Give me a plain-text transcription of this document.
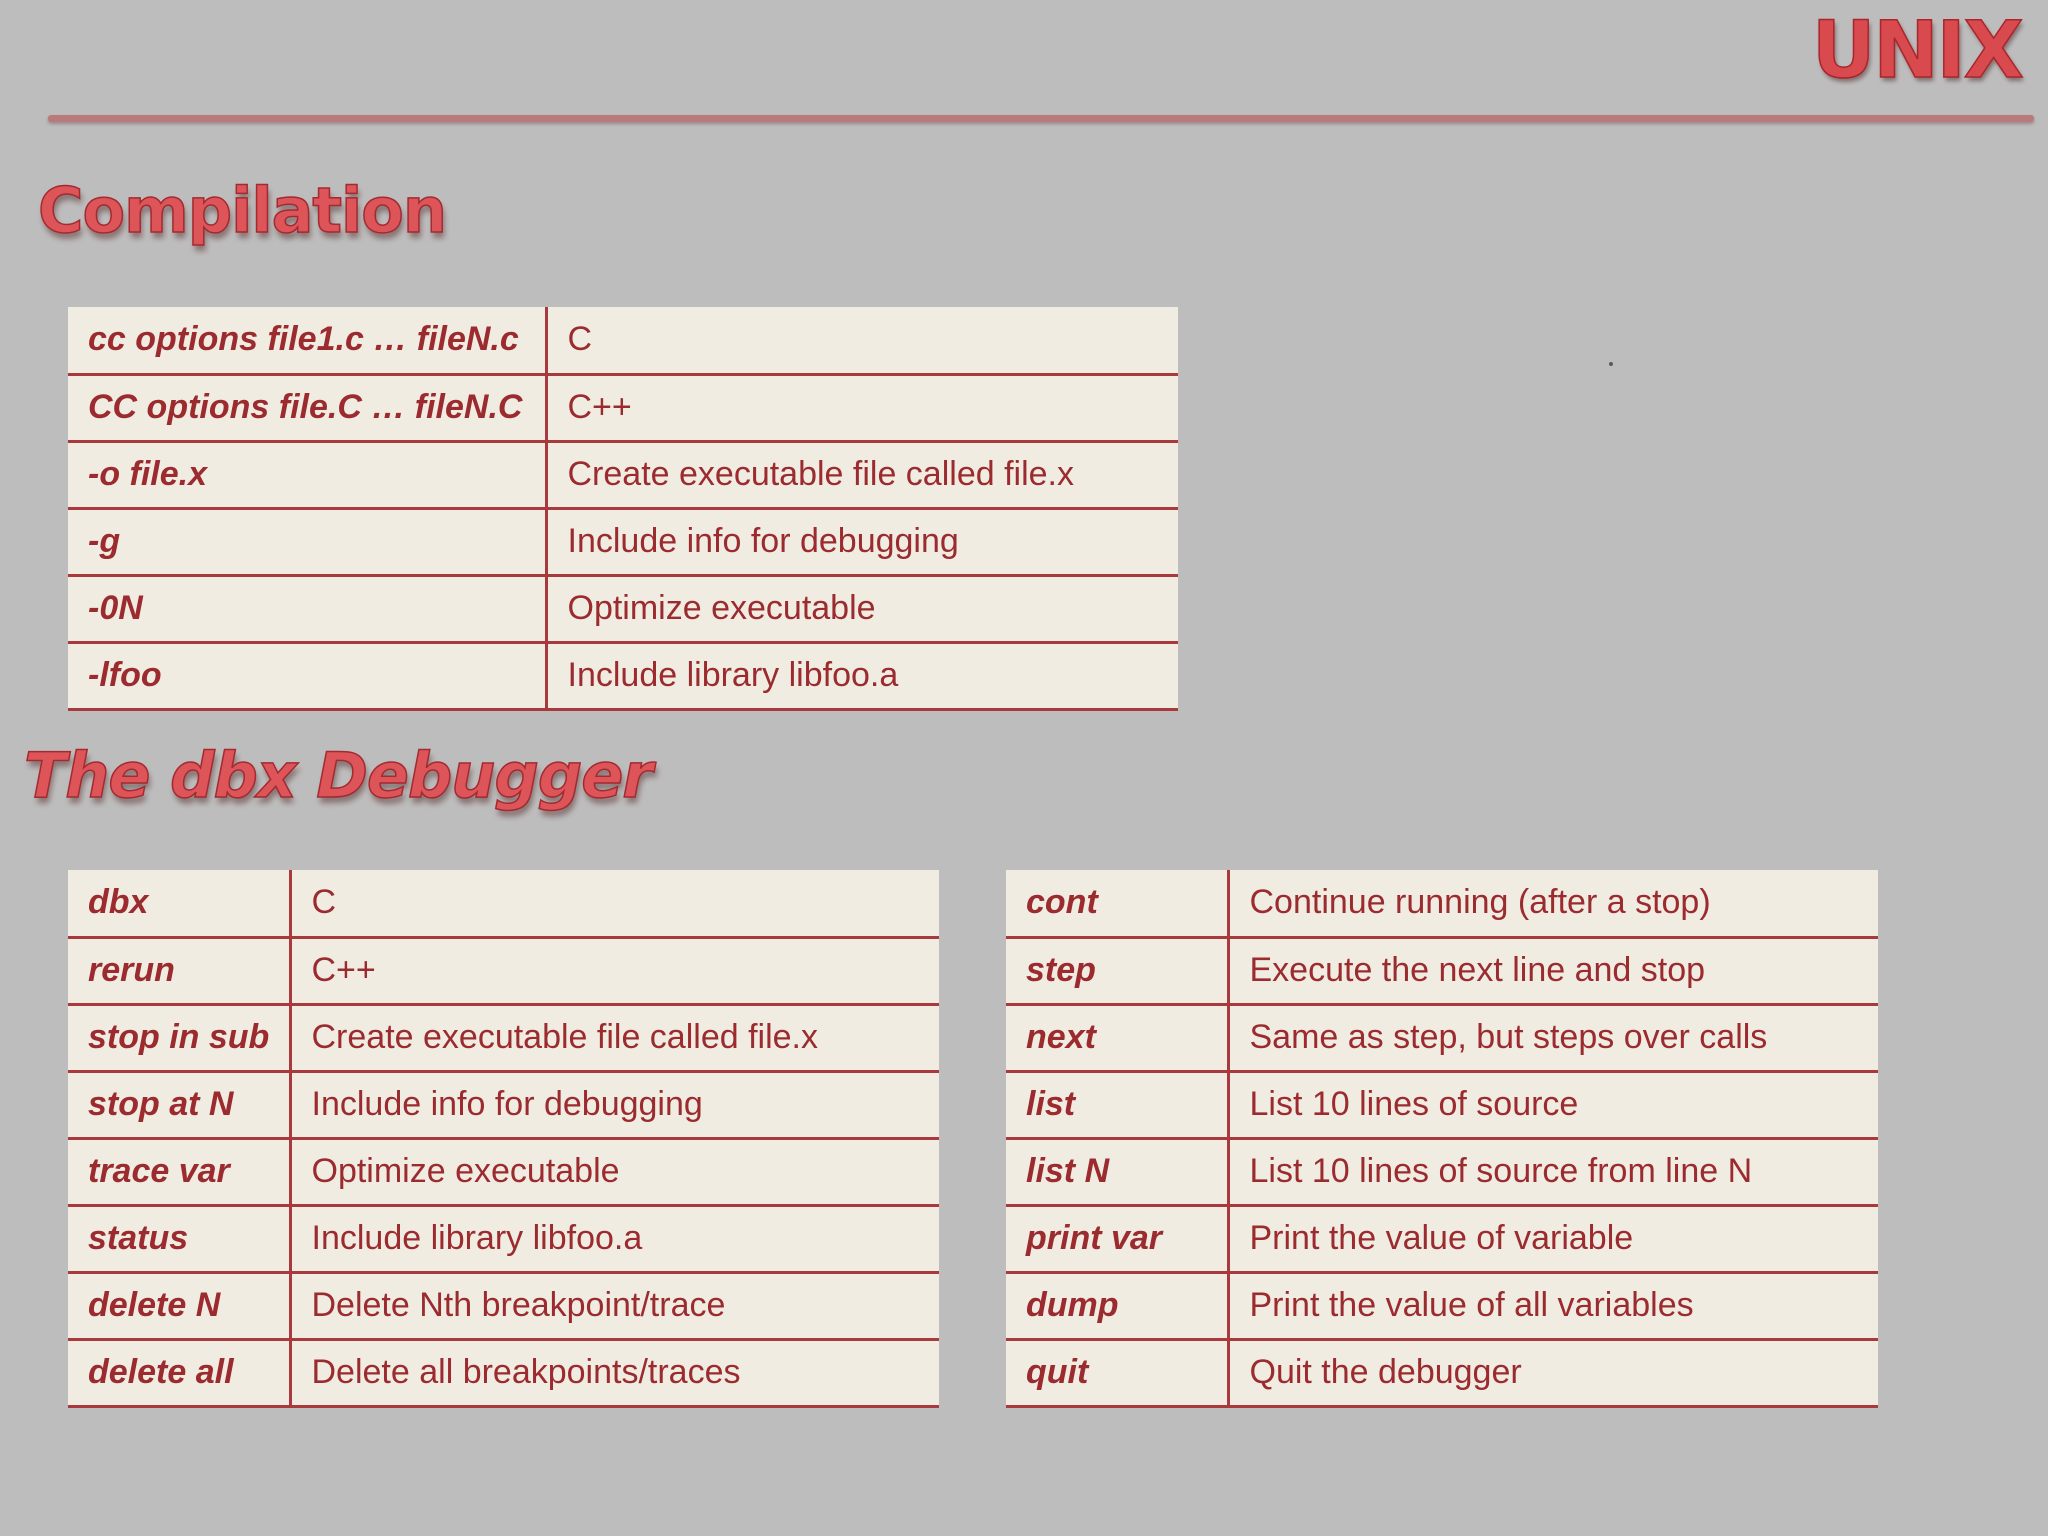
UNIX
Compilation
cc options file1.c … fileN.c	C
CC options file.C … fileN.C	C++
-o file.x	Create executable file called file.x
-g	Include info for debugging
-0N	Optimize executable
-lfoo	Include library libfoo.a
The dbx Debugger
dbx	C
rerun	C++
stop in sub	Create executable file called file.x
stop at N	Include info for debugging
trace var	Optimize executable
status	Include library libfoo.a
delete N	Delete Nth breakpoint/trace
delete all	Delete all breakpoints/traces
cont	Continue running (after a stop)
step	Execute the next line and stop
next	Same as step, but steps over calls
list	List 10 lines of source
list N	List 10 lines of source from line N
print var	Print the value of variable
dump	Print the value of all variables
quit	Quit the debugger
